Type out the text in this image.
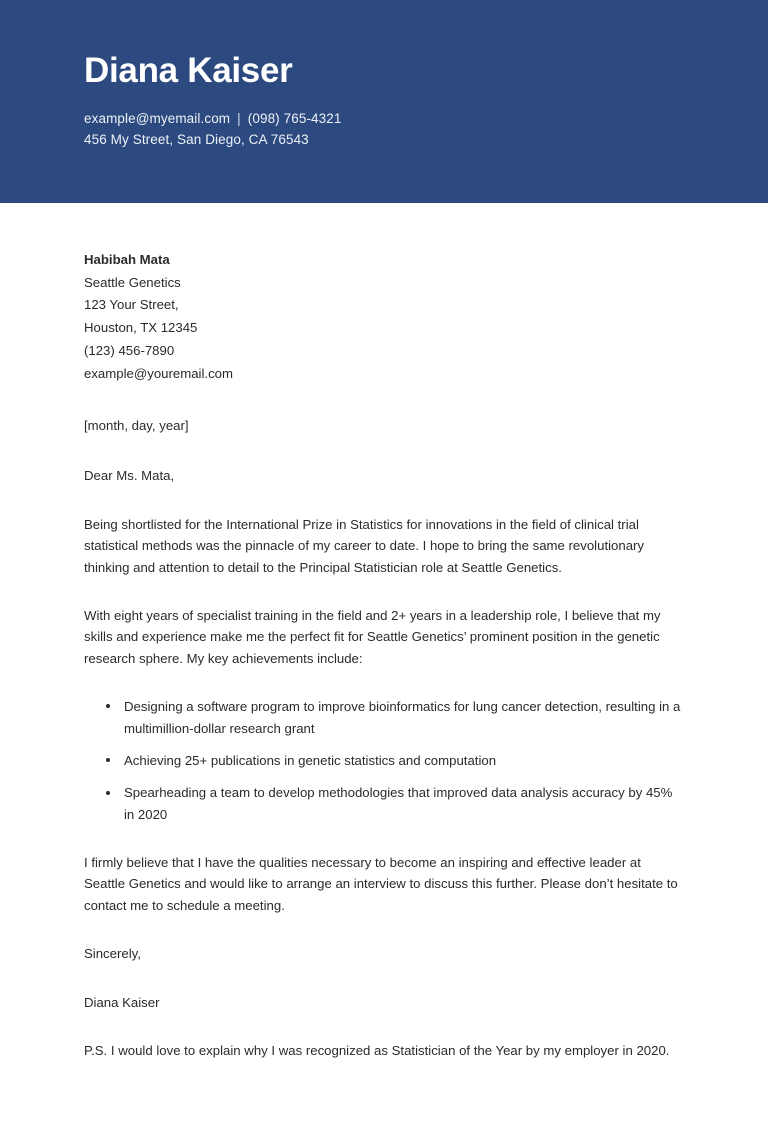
Diana Kaiser
example@myemail.com | (098) 765-4321
456 My Street, San Diego, CA 76543
Habibah Mata
Seattle Genetics
123 Your Street,
Houston, TX 12345
(123) 456-7890
example@youremail.com
[month, day, year]
Dear Ms. Mata,

Being shortlisted for the International Prize in Statistics for innovations in the field of clinical trial statistical methods was the pinnacle of my career to date. I hope to bring the same revolutionary thinking and attention to detail to the Principal Statistician role at Seattle Genetics.

With eight years of specialist training in the field and 2+ years in a leadership role, I believe that my skills and experience make me the perfect fit for Seattle Genetics’ prominent position in the genetic research sphere. My key achievements include:

Designing a software program to improve bioinformatics for lung cancer detection, resulting in a multimillion-dollar research grant
Achieving 25+ publications in genetic statistics and computation
Spearheading a team to develop methodologies that improved data analysis accuracy by 45% in 2020

I firmly believe that I have the qualities necessary to become an inspiring and effective leader at Seattle Genetics and would like to arrange an interview to discuss this further. Please don’t hesitate to contact me to schedule a meeting.

Sincerely,
Diana Kaiser
P.S. I would love to explain why I was recognized as Statistician of the Year by my employer in 2020.
